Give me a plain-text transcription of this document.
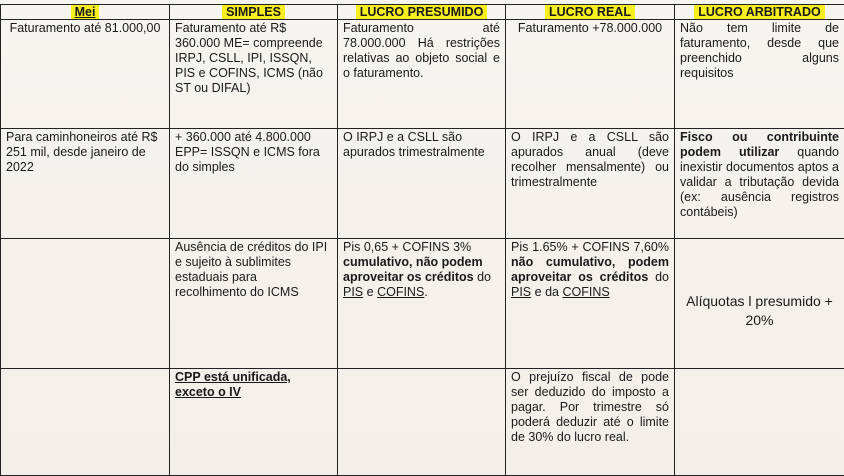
Mei	SIMPLES	LUCRO PRESUMIDO	LUCRO REAL	LUCRO ARBITRADO
Faturamento até 81.000,00	Faturamento até R$ 360.000 ME= compreende IRPJ, CSLL, IPI, ISSQN, PIS e COFINS, ICMS (não ST ou DIFAL)	Faturamento até 78.000.000 Há restrições relativas ao objeto social e o faturamento.	Faturamento +78.000.000	Não tem limite de faturamento, desde que preenchido alguns requisitos
Para caminhoneiros até R$ 251 mil, desde janeiro de 2022	+ 360.000 até 4.800.000 EPP= ISSQN e ICMS fora do simples	O IRPJ e a CSLL são apurados trimestralmente	O IRPJ e a CSLL são apurados anual (deve recolher mensalmente) ou trimestralmente	Fisco ou contribuinte podem utilizar quando inexistir documentos aptos a validar a tributação devida (ex: ausência registros contábeis)
	Ausência de créditos do IPI e sujeito à sublimites estaduais para recolhimento do ICMS	Pis 0,65 + COFINS 3% cumulativo, não podem aproveitar os créditos do PIS e COFINS.	Pis 1.65% + COFINS 7,60% não cumulativo, podem aproveitar os créditos do PIS e da COFINS	Alíquotas l presumido + 20%
	CPP está unificada, exceto o IV		O prejuízo fiscal de pode ser deduzido do imposto a pagar. Por trimestre só poderá deduzir até o limite de 30% do lucro real.	
